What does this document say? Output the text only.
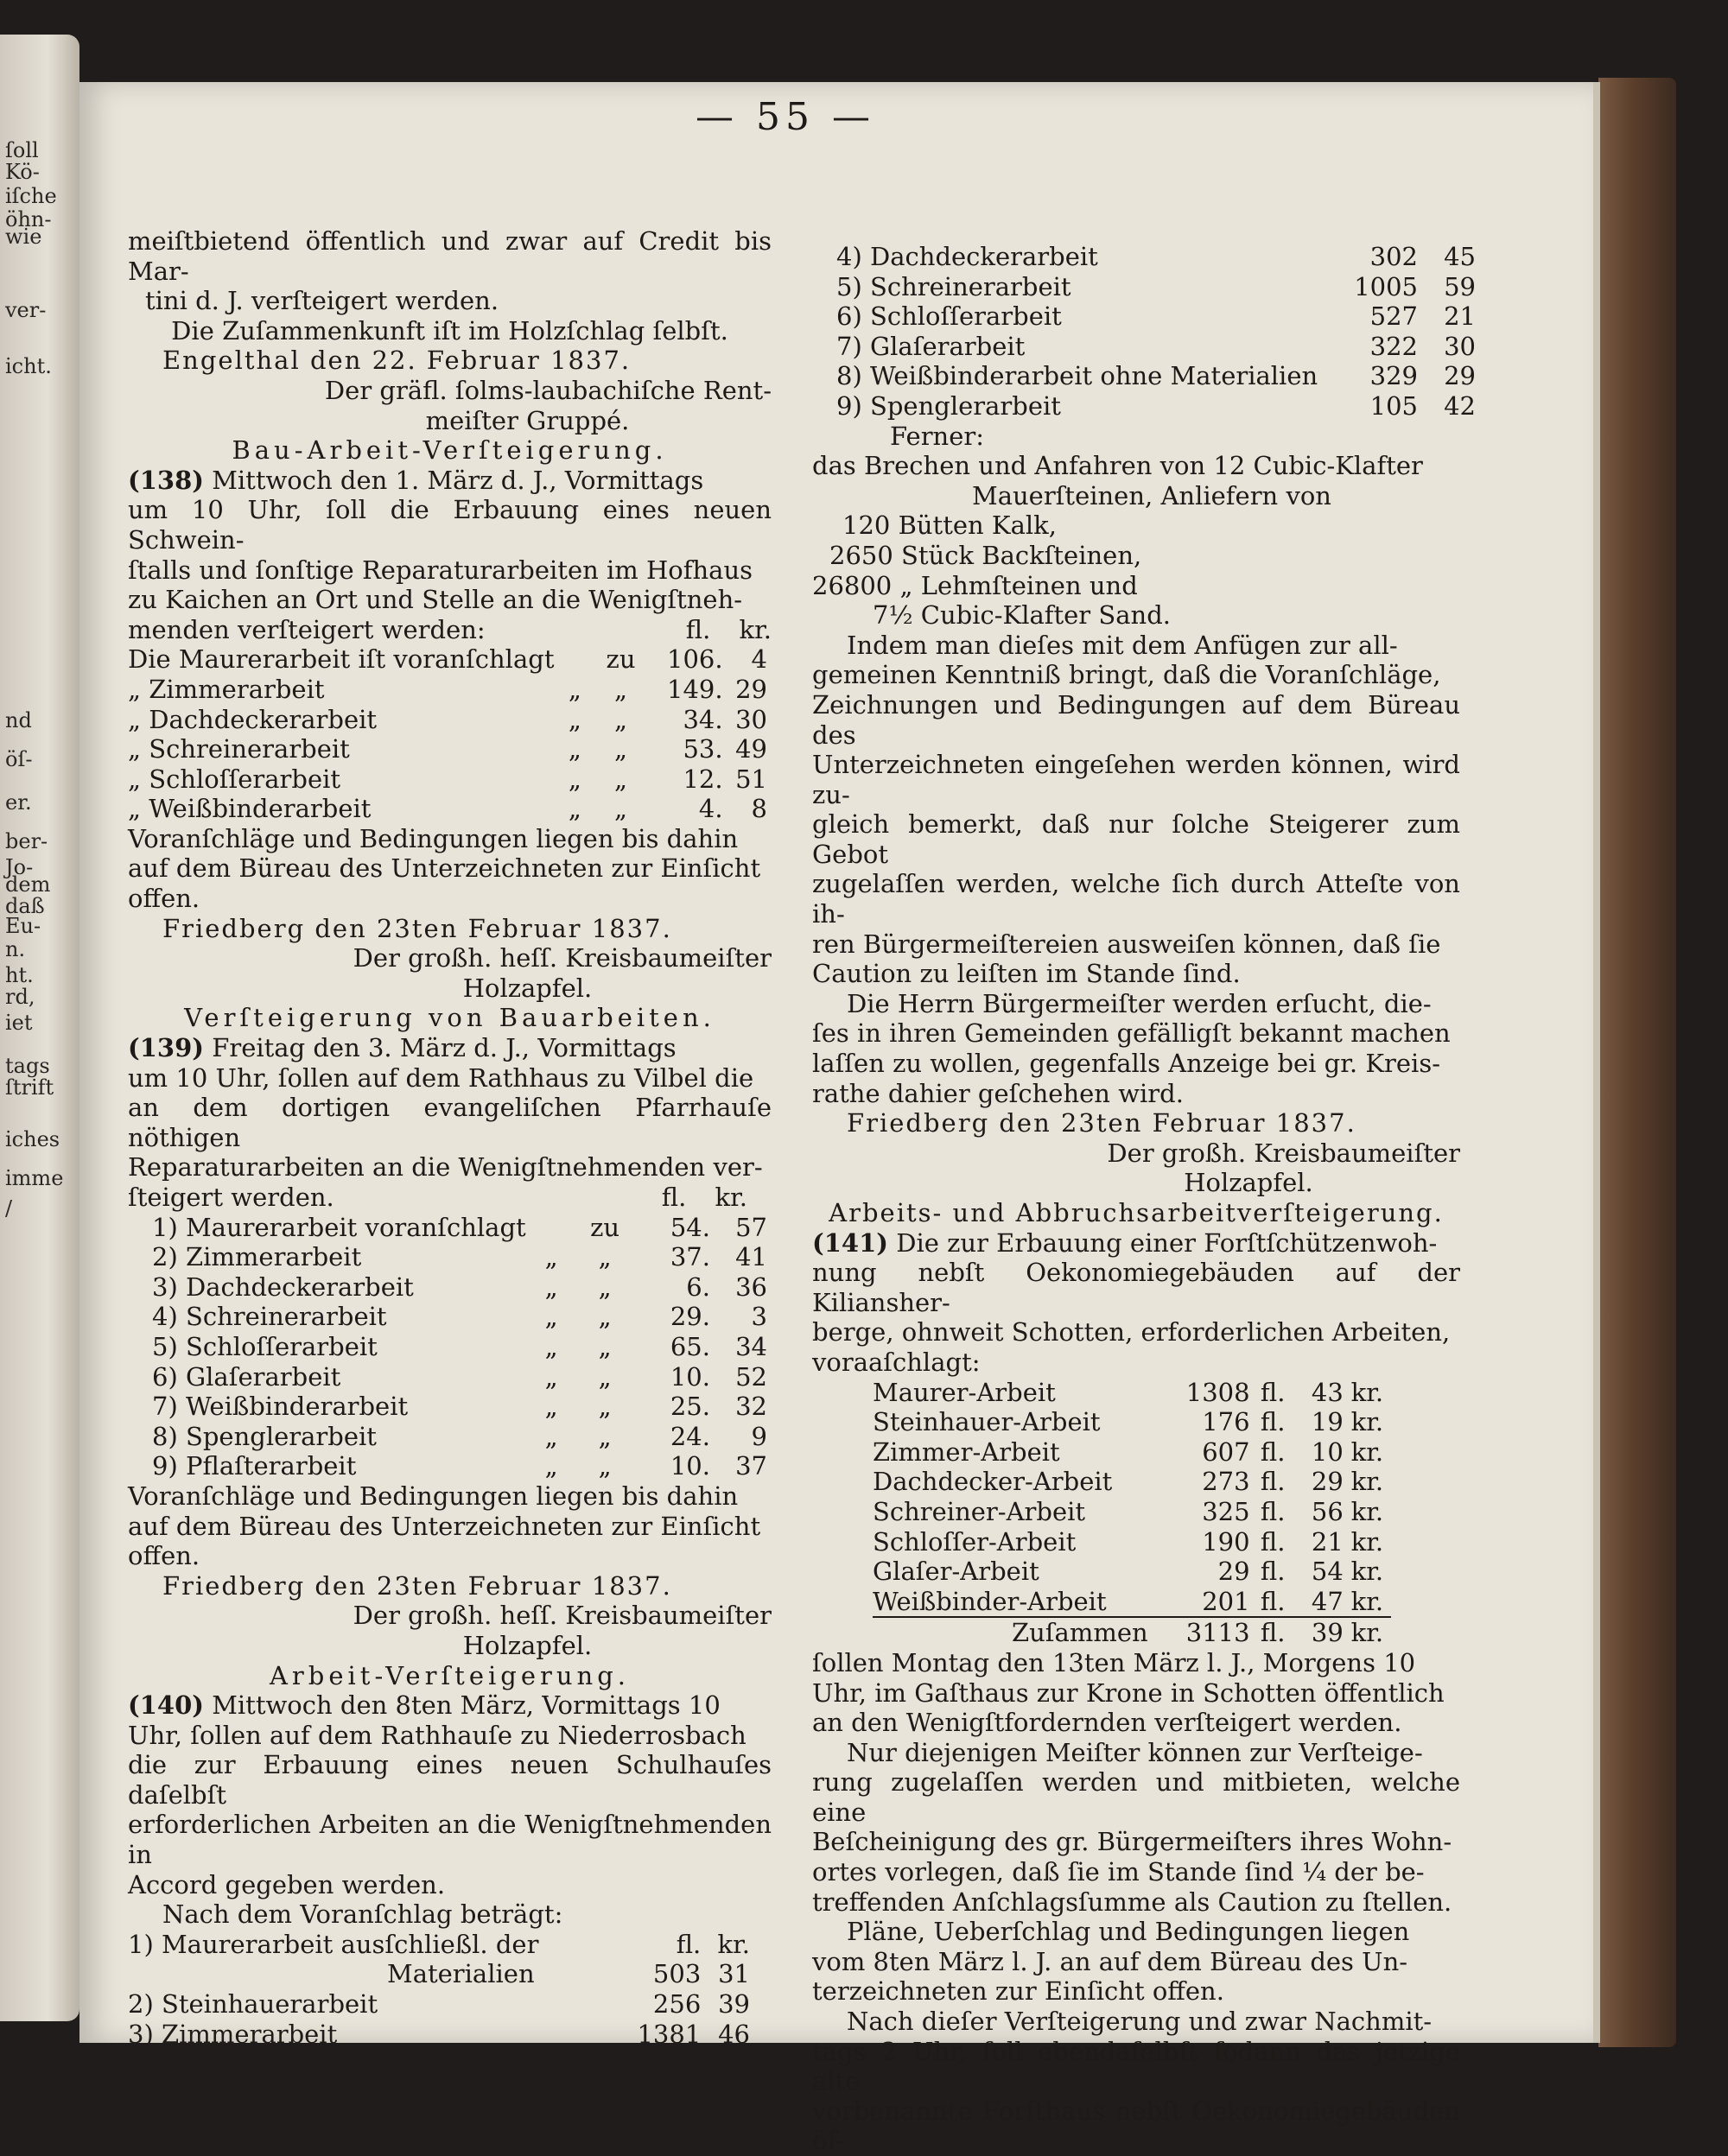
ſoll
Kö-
iſche
öhn-
wie
ver-
icht.
nd
öſ-
er.
ber-
Jo-
dem
daß
Eu-
n.
ht.
rd,
iet
tags
ſtrift
iches
imme
/
— 55 —

meiſtbietend öffentlich und zwar auf Credit bis Mar-

tini d. J. verſteigert werden.

Die Zuſammenkunft iſt im Holzſchlag ſelbſt.

Engelthal den 22. Februar 1837.

Der gräfl. ſolms-laubachiſche Rent-

meiſter Gruppé.

Bau-Arbeit-Verſteigerung.

(138) Mittwoch den 1. März d. J., Vormittags

um 10 Uhr, ſoll die Erbauung eines neuen Schwein-

ſtalls und ſonſtige Reparaturarbeiten im Hofhaus

zu Kaichen an Ort und Stelle an die Wenigſtneh-

menden verſteigert werden:	fl. kr.

Die Maurerarbeit iſt voranſchlagt		zu	106.	4
„ Zimmerarbeit	„	„	149.	29
„ Dachdeckerarbeit	„	„	34.	30
„ Schreinerarbeit	„	„	53.	49
„ Schloſſerarbeit	„	„	12.	51
„ Weißbinderarbeit	„	„	4.	8

Voranſchläge und Bedingungen liegen bis dahin

auf dem Büreau des Unterzeichneten zur Einſicht

offen.

Friedberg den 23ten Februar 1837.

Der großh. heſſ. Kreisbaumeiſter

Holzapfel.

Verſteigerung von Bauarbeiten.

(139) Freitag den 3. März d. J., Vormittags

um 10 Uhr, ſollen auf dem Rathhaus zu Vilbel die

an dem dortigen evangeliſchen Pfarrhauſe nöthigen

Reparaturarbeiten an die Wenigſtnehmenden ver-

ſteigert werden.	fl. kr.

1) Maurerarbeit voranſchlagt		zu	54.	57
2) Zimmerarbeit	„	„	37.	41
3) Dachdeckerarbeit	„	„	6.	36
4) Schreinerarbeit	„	„	29.	3
5) Schloſſerarbeit	„	„	65.	34
6) Glaſerarbeit	„	„	10.	52
7) Weißbinderarbeit	„	„	25.	32
8) Spenglerarbeit	„	„	24.	9
9) Pflaſterarbeit	„	„	10.	37

Voranſchläge und Bedingungen liegen bis dahin

auf dem Büreau des Unterzeichneten zur Einſicht

offen.

Friedberg den 23ten Februar 1837.

Der großh. heſſ. Kreisbaumeiſter

Holzapfel.

Arbeit-Verſteigerung.

(140) Mittwoch den 8ten März, Vormittags 10

Uhr, ſollen auf dem Rathhauſe zu Niederrosbach

die zur Erbauung eines neuen Schulhauſes daſelbſt

erforderlichen Arbeiten an die Wenigſtnehmenden in

Accord gegeben werden.

Nach dem Voranſchlag beträgt:

1) Maurerarbeit ausſchließl. der	fl.	kr.
Materialien	503	31
2) Steinhauerarbeit	256	39
3) Zimmerarbeit	1381	46
4) Dachdeckerarbeit	302	45
5) Schreinerarbeit	1005	59
6) Schloſſerarbeit	527	21
7) Glaſerarbeit	322	30
8) Weißbinderarbeit ohne Materialien	329	29
9) Spenglerarbeit	105	42

Ferner:

das Brechen und Anfahren von 12 Cubic-Klafter

Mauerſteinen, Anliefern von

120 Bütten Kalk,

2650 Stück Backſteinen,

26800 „ Lehmſteinen und

7½ Cubic-Klafter Sand.

Indem man dieſes mit dem Anfügen zur all-

gemeinen Kenntniß bringt, daß die Voranſchläge,

Zeichnungen und Bedingungen auf dem Büreau des

Unterzeichneten eingeſehen werden können, wird zu-

gleich bemerkt, daß nur ſolche Steigerer zum Gebot

zugelaſſen werden, welche ſich durch Atteſte von ih-

ren Bürgermeiſtereien ausweiſen können, daß ſie

Caution zu leiſten im Stande ſind.

Die Herrn Bürgermeiſter werden erſucht, die-

ſes in ihren Gemeinden gefälligſt bekannt machen

laſſen zu wollen, gegenfalls Anzeige bei gr. Kreis-

rathe dahier geſchehen wird.

Friedberg den 23ten Februar 1837.

Der großh. Kreisbaumeiſter

Holzapfel.

Arbeits- und Abbruchsarbeitverſteigerung.

(141) Die zur Erbauung einer Forſtſchützenwoh-

nung nebſt Oekonomiegebäuden auf der Kiliansher-

berge, ohnweit Schotten, erforderlichen Arbeiten,

voraaſchlagt:

Maurer-Arbeit	1308	fl.	43	kr.
Steinhauer-Arbeit	176	fl.	19	kr.
Zimmer-Arbeit	607	fl.	10	kr.
Dachdecker-Arbeit	273	fl.	29	kr.
Schreiner-Arbeit	325	fl.	56	kr.
Schloſſer-Arbeit	190	fl.	21	kr.
Glaſer-Arbeit	29	fl.	54	kr.
Weißbinder-Arbeit	201	fl.	47	kr.
Zuſammen	3113	fl.	39	kr.

ſollen Montag den 13ten März l. J., Morgens 10

Uhr, im Gaſthaus zur Krone in Schotten öffentlich

an den Wenigſtfordernden verſteigert werden.

Nur diejenigen Meiſter können zur Verſteige-

rung zugelaſſen werden und mitbieten, welche eine

Beſcheinigung des gr. Bürgermeiſters ihres Wohn-

ortes vorlegen, daß ſie im Stande ſind ¼ der be-

treffenden Anſchlagsſumme als Caution zu ſtellen.

Pläne, Ueberſchlag und Bedingungen liegen

vom 8ten März l. J. an auf dem Büreau des Un-

terzeichneten zur Einſicht offen.

Nach dieſer Verſteigerung und zwar Nachmit-

tags 2 Uhr, ſoll ebendaſelbſt ſodann das jetzige alte

vorbenannte Forſthaus nebſt Oekonomiegebäuden öf-
